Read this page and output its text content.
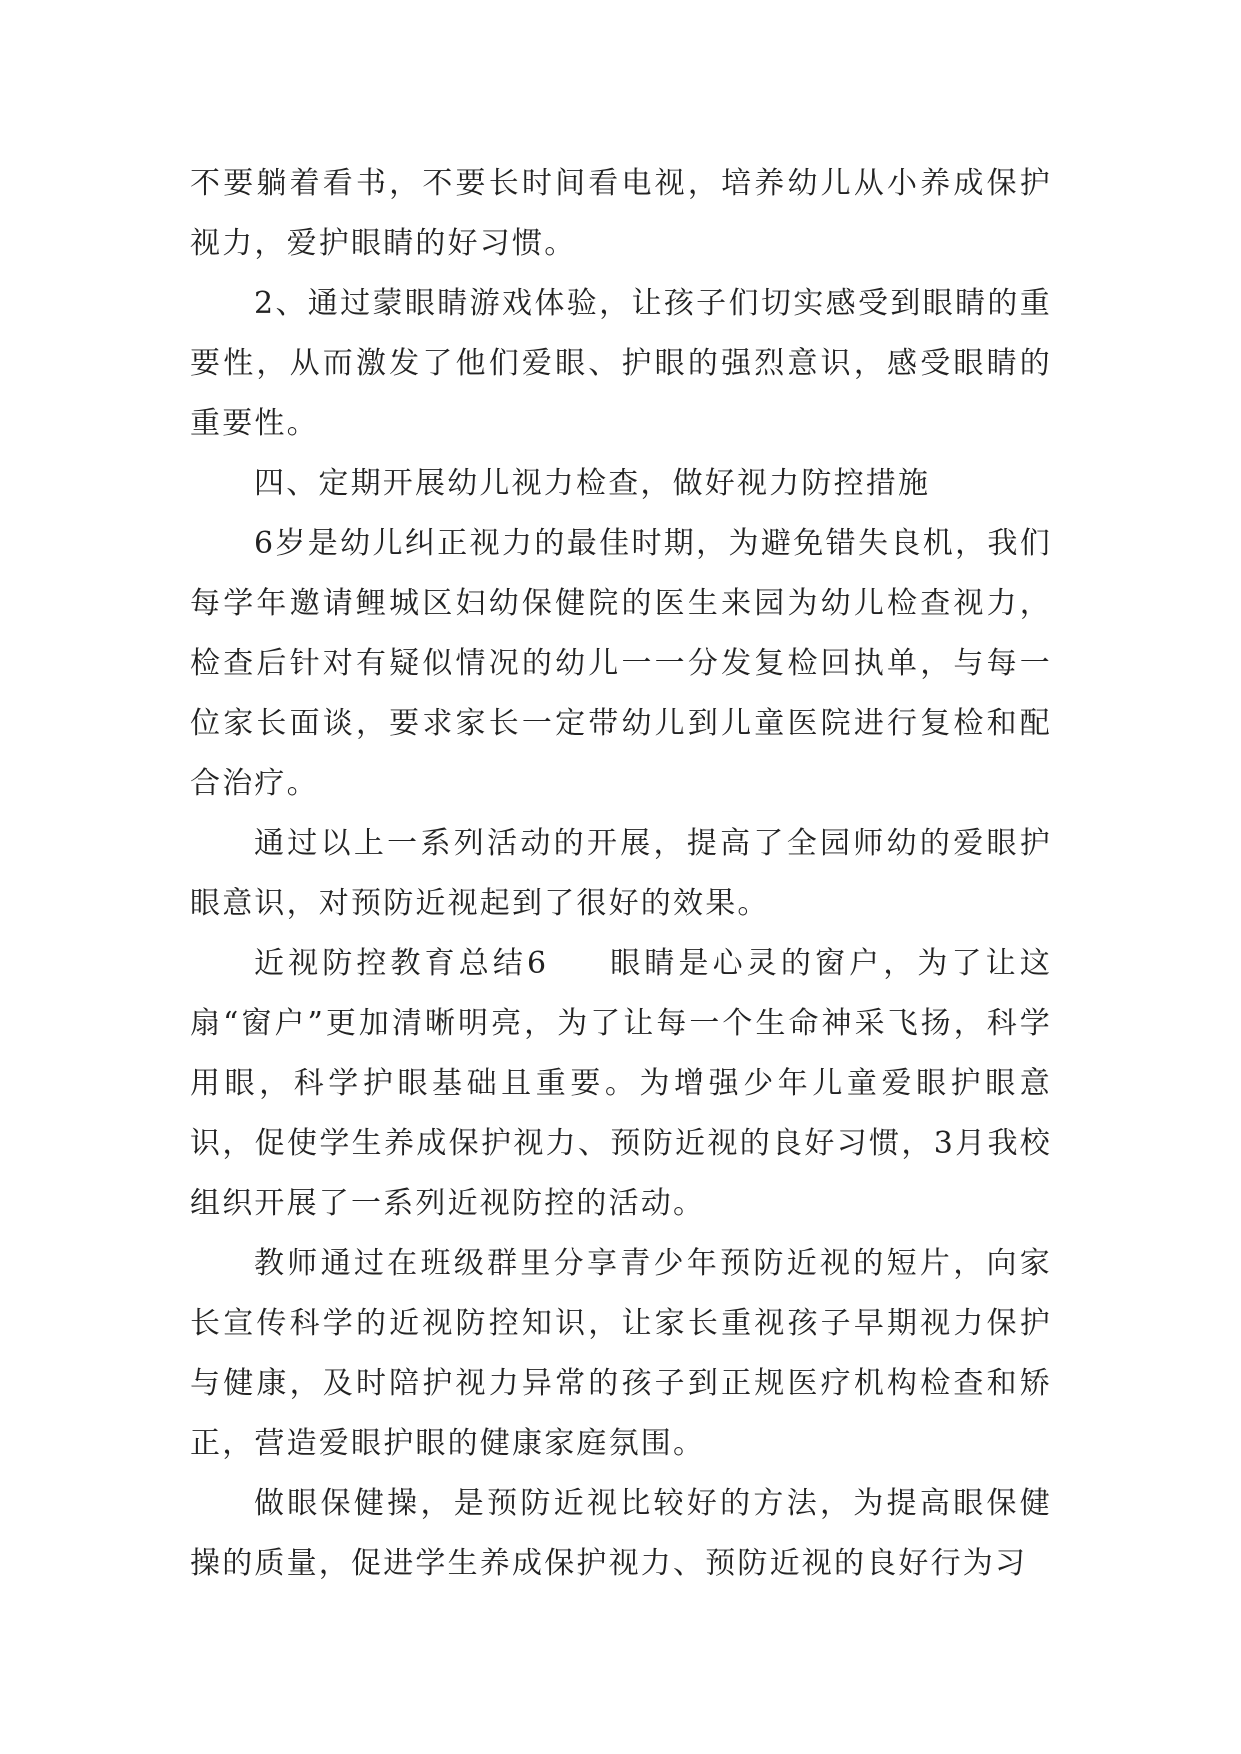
不要躺着看书，不要长时间看电视，培养幼儿从小养成保护视力，爱护眼睛的好习惯。

2、通过蒙眼睛游戏体验，让孩子们切实感受到眼睛的重要性，从而激发了他们爱眼、护眼的强烈意识，感受眼睛的重要性。

四、定期开展幼儿视力检查，做好视力防控措施

6岁是幼儿纠正视力的最佳时期，为避免错失良机，我们每学年邀请鲤城区妇幼保健院的医生来园为幼儿检查视力，检查后针对有疑似情况的幼儿一一分发复检回执单，与每一位家长面谈，要求家长一定带幼儿到儿童医院进行复检和配合治疗。

通过以上一系列活动的开展，提高了全园师幼的爱眼护眼意识，对预防近视起到了很好的效果。

近视防控教育总结6 眼睛是心灵的窗户，为了让这扇“窗户”更加清晰明亮，为了让每一个生命神采飞扬，科学用眼，科学护眼基础且重要。为增强少年儿童爱眼护眼意识，促使学生养成保护视力、预防近视的良好习惯，3月我校组织开展了一系列近视防控的活动。

教师通过在班级群里分享青少年预防近视的短片，向家长宣传科学的近视防控知识，让家长重视孩子早期视力保护与健康，及时陪护视力异常的孩子到正规医疗机构检查和矫正，营造爱眼护眼的健康家庭氛围。

做眼保健操，是预防近视比较好的方法，为提高眼保健操的质量，促进学生养成保护视力、预防近视的良好行为习
